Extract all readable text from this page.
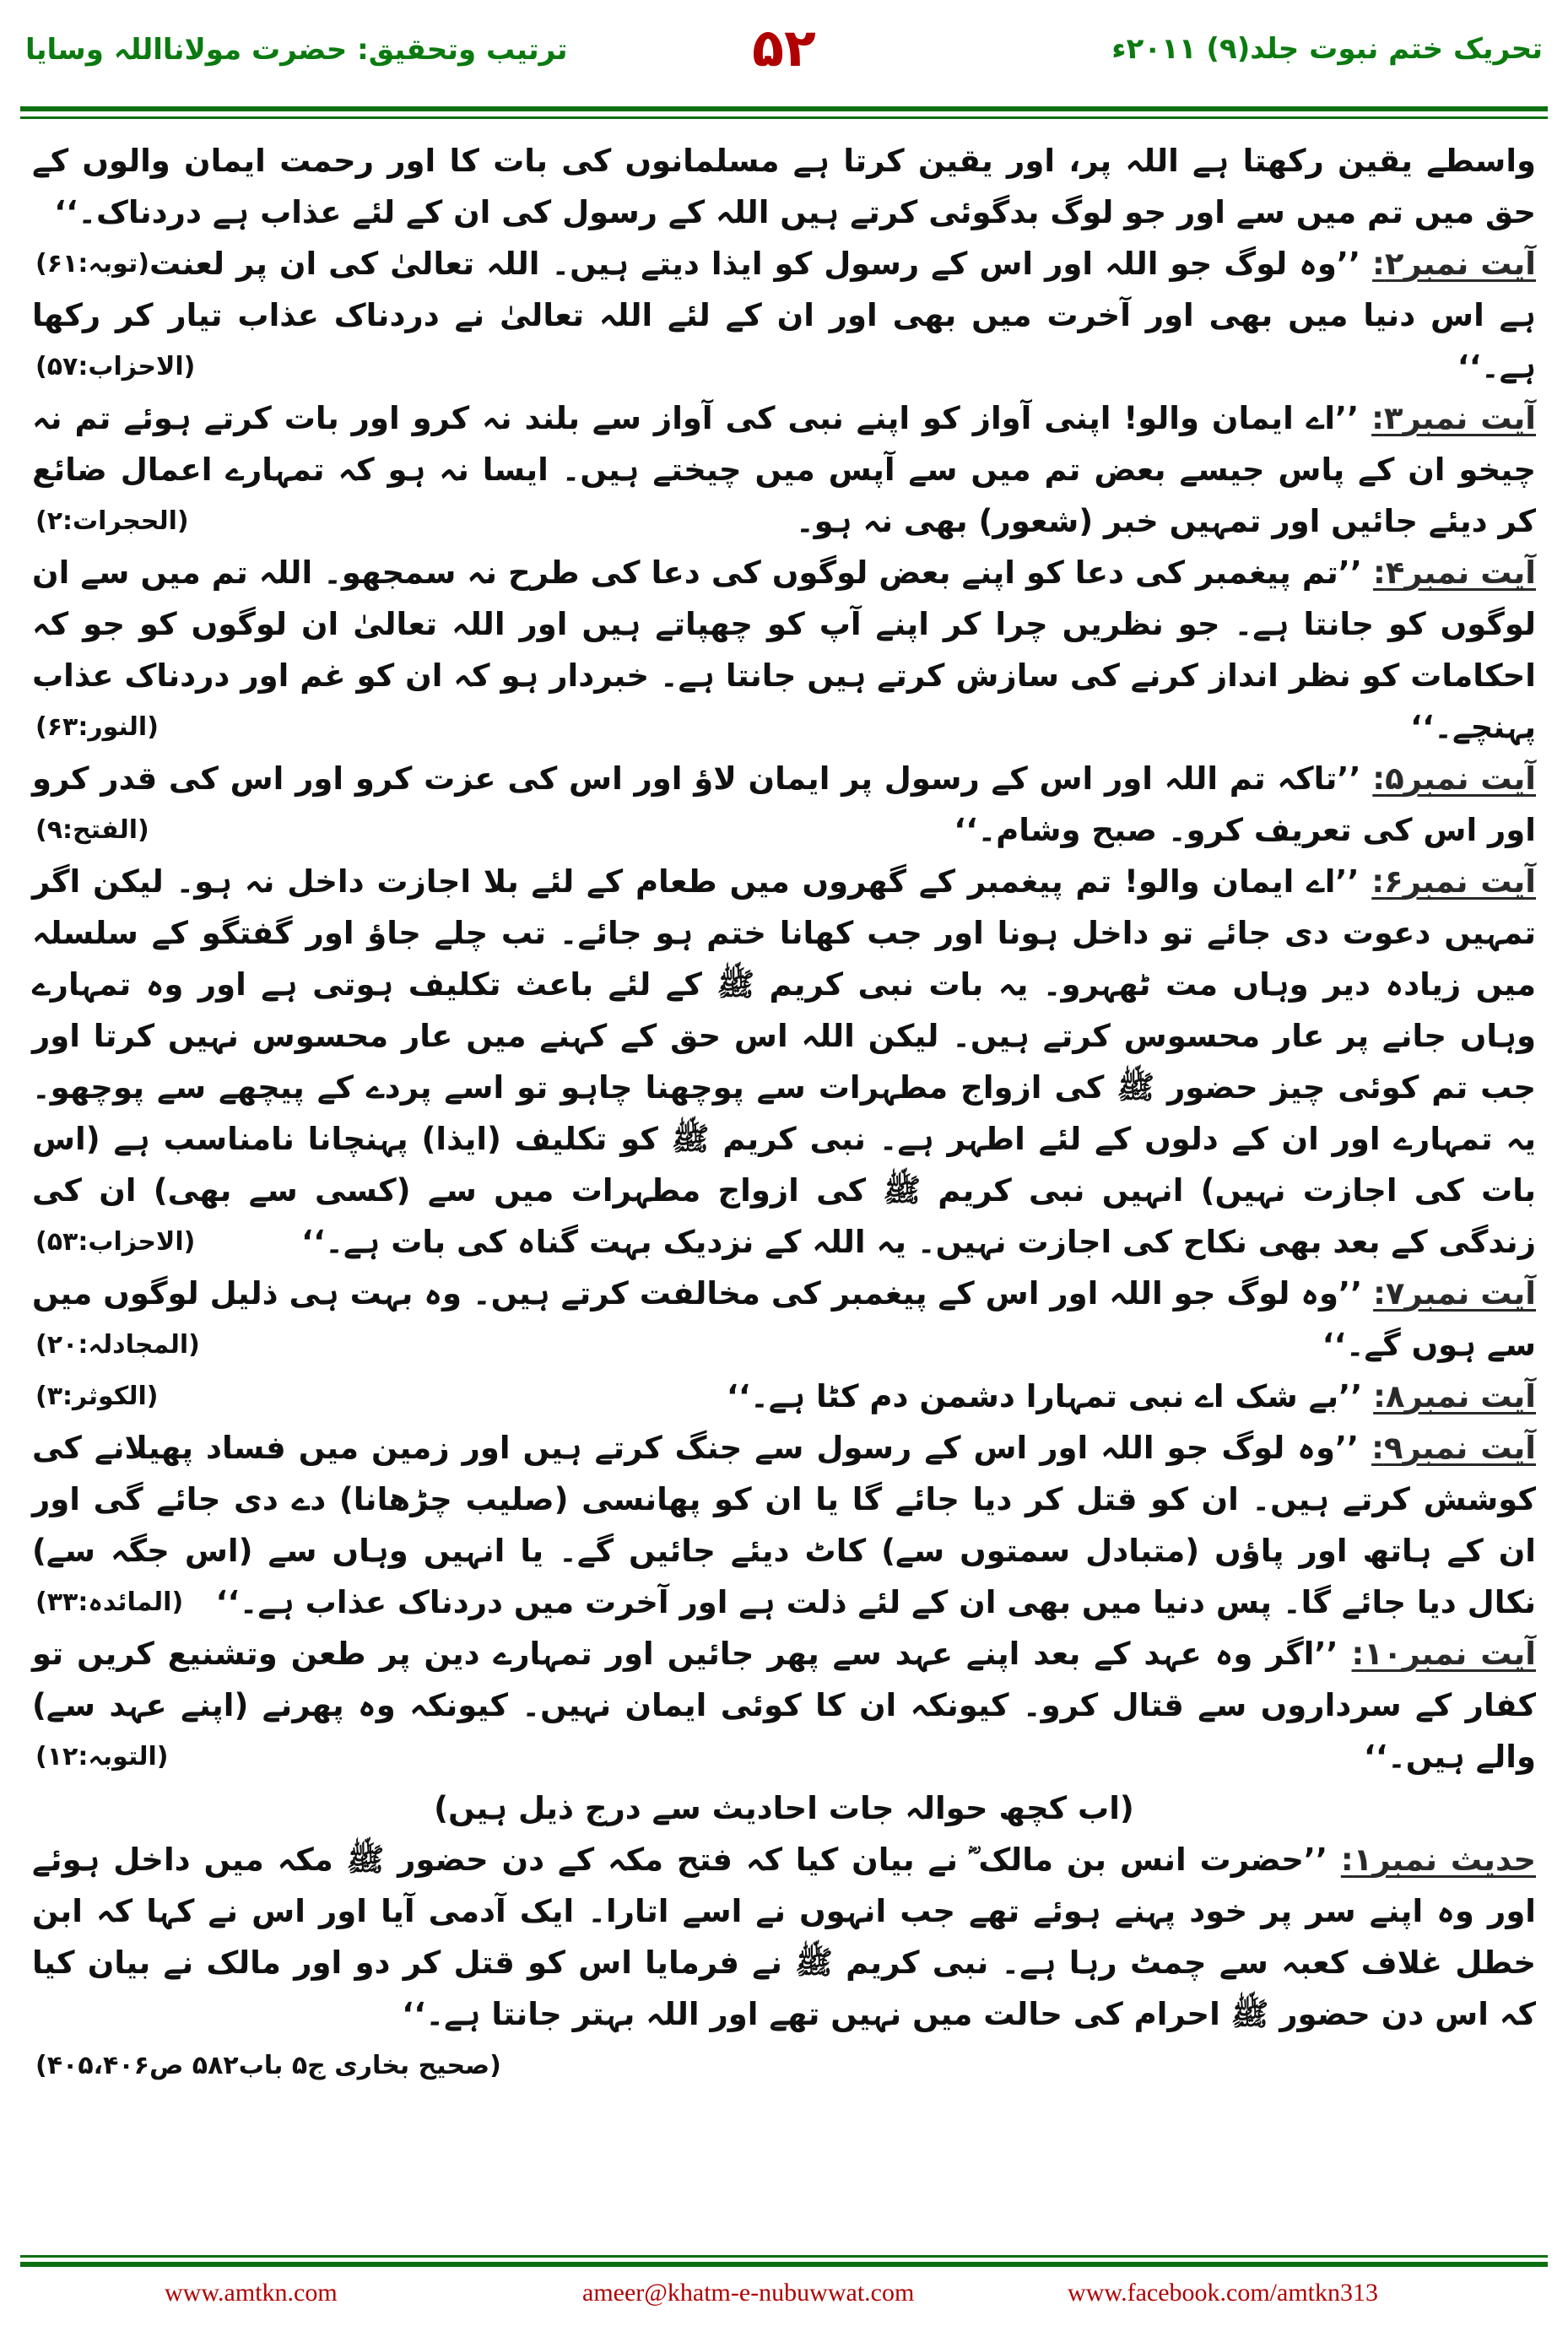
تحریک ختم نبوت جلد(۹) ۲۰۱۱ء
۵۲
ترتیب وتحقیق: حضرت مولانااللہ وسایا

واسطے یقین رکھتا ہے اللہ پر، اور یقین کرتا ہے مسلمانوں کی بات کا اور رحمت ایمان والوں کے حق میں تم میں سے اور جو لوگ بدگوئی کرتے ہیں اللہ کے رسول کی ان کے لئے عذاب ہے دردناک۔‘‘
(توبہ:۶۱)	آیت نمبر۲: ’’وہ لوگ جو اللہ اور اس کے رسول کو ایذا دیتے ہیں۔ اللہ تعالیٰ کی ان پر لعنت ہے اس دنیا میں بھی اور آخرت میں بھی اور ان کے لئے اللہ تعالیٰ نے دردناک عذاب تیار کر رکھا ہے۔‘‘
(الاحزاب:۵۷)

آیت نمبر۳: ’’اے ایمان والو! اپنی آواز کو اپنے نبی کی آواز سے بلند نہ کرو اور بات کرتے ہوئے تم نہ چیخو ان کے پاس جیسے بعض تم میں سے آپس میں چیختے ہیں۔ ایسا نہ ہو کہ تمہارے اعمال ضائع کر دیئے جائیں اور تمہیں خبر (شعور) بھی نہ ہو۔
(الحجرات:۲)

آیت نمبر۴: ’’تم پیغمبر کی دعا کو اپنے بعض لوگوں کی دعا کی طرح نہ سمجھو۔ اللہ تم میں سے ان لوگوں کو جانتا ہے۔ جو نظریں چرا کر اپنے آپ کو چھپاتے ہیں اور اللہ تعالیٰ ان لوگوں کو جو کہ احکامات کو نظر انداز کرنے کی سازش کرتے ہیں جانتا ہے۔ خبردار ہو کہ ان کو غم اور دردناک عذاب پہنچے۔‘‘
(النور:۶۳)

آیت نمبر۵: ’’تاکہ تم اللہ اور اس کے رسول پر ایمان لاؤ اور اس کی عزت کرو اور اس کی قدر کرو اور اس کی تعریف کرو۔ صبح وشام۔‘‘
(الفتح:۹)

آیت نمبر۶: ’’اے ایمان والو! تم پیغمبر کے گھروں میں طعام کے لئے بلا اجازت داخل نہ ہو۔ لیکن اگر تمہیں دعوت دی جائے تو داخل ہونا اور جب کھانا ختم ہو جائے۔ تب چلے جاؤ اور گفتگو کے سلسلہ میں زیادہ دیر وہاں مت ٹھہرو۔ یہ بات نبی کریم ﷺ کے لئے باعث تکلیف ہوتی ہے اور وہ تمہارے وہاں جانے پر عار محسوس کرتے ہیں۔ لیکن اللہ اس حق کے کہنے میں عار محسوس نہیں کرتا اور جب تم کوئی چیز حضور ﷺ کی ازواج مطہرات سے پوچھنا چاہو تو اسے پردے کے پیچھے سے پوچھو۔ یہ تمہارے اور ان کے دلوں کے لئے اطہر ہے۔ نبی کریم ﷺ کو تکلیف (ایذا) پہنچانا نامناسب ہے (اس بات کی اجازت نہیں) انہیں نبی کریم ﷺ کی ازواج مطہرات میں سے (کسی سے بھی) ان کی زندگی کے بعد بھی نکاح کی اجازت نہیں۔ یہ اللہ کے نزدیک بہت گناہ کی بات ہے۔‘‘
(الاحزاب:۵۳)

آیت نمبر۷: ’’وہ لوگ جو اللہ اور اس کے پیغمبر کی مخالفت کرتے ہیں۔ وہ بہت ہی ذلیل لوگوں میں سے ہوں گے۔‘‘
(المجادلہ:۲۰)

آیت نمبر۸: ’’بے شک اے نبی تمہارا دشمن دم کٹا ہے۔‘‘
(الکوثر:۳)

آیت نمبر۹: ’’وہ لوگ جو اللہ اور اس کے رسول سے جنگ کرتے ہیں اور زمین میں فساد پھیلانے کی کوشش کرتے ہیں۔ ان کو قتل کر دیا جائے گا یا ان کو پھانسی (صلیب چڑھانا) دے دی جائے گی اور ان کے ہاتھ اور پاؤں (متبادل سمتوں سے) کاٹ دیئے جائیں گے۔ یا انہیں وہاں سے (اس جگہ سے) نکال دیا جائے گا۔ پس دنیا میں بھی ان کے لئے ذلت ہے اور آخرت میں دردناک عذاب ہے۔‘‘
(المائدہ:۳۳)

آیت نمبر۱۰: ’’اگر وہ عہد کے بعد اپنے عہد سے پھر جائیں اور تمہارے دین پر طعن وتشنیع کریں تو کفار کے سرداروں سے قتال کرو۔ کیونکہ ان کا کوئی ایمان نہیں۔ کیونکہ وہ پھرنے (اپنے عہد سے) والے ہیں۔‘‘
(التوبہ:۱۲)

(اب کچھ حوالہ جات احادیث سے درج ذیل ہیں)

حدیث نمبر۱: ’’حضرت انس بن مالک ؓ نے بیان کیا کہ فتح مکہ کے دن حضور ﷺ مکہ میں داخل ہوئے اور وہ اپنے سر پر خود پہنے ہوئے تھے جب انہوں نے اسے اتارا۔ ایک آدمی آیا اور اس نے کہا کہ ابن خطل غلاف کعبہ سے چمٹ رہا ہے۔ نبی کریم ﷺ نے فرمایا اس کو قتل کر دو اور مالک نے بیان کیا کہ اس دن حضور ﷺ احرام کی حالت میں نہیں تھے اور اللہ بہتر جانتا ہے۔‘‘
(صحیح بخاری ج۵ باب۵۸۲ ص۴۰۵،۴۰۶)

www.amtkn.com	ameer@khatm-e-nubuwwat.com	www.facebook.com/amtkn313
